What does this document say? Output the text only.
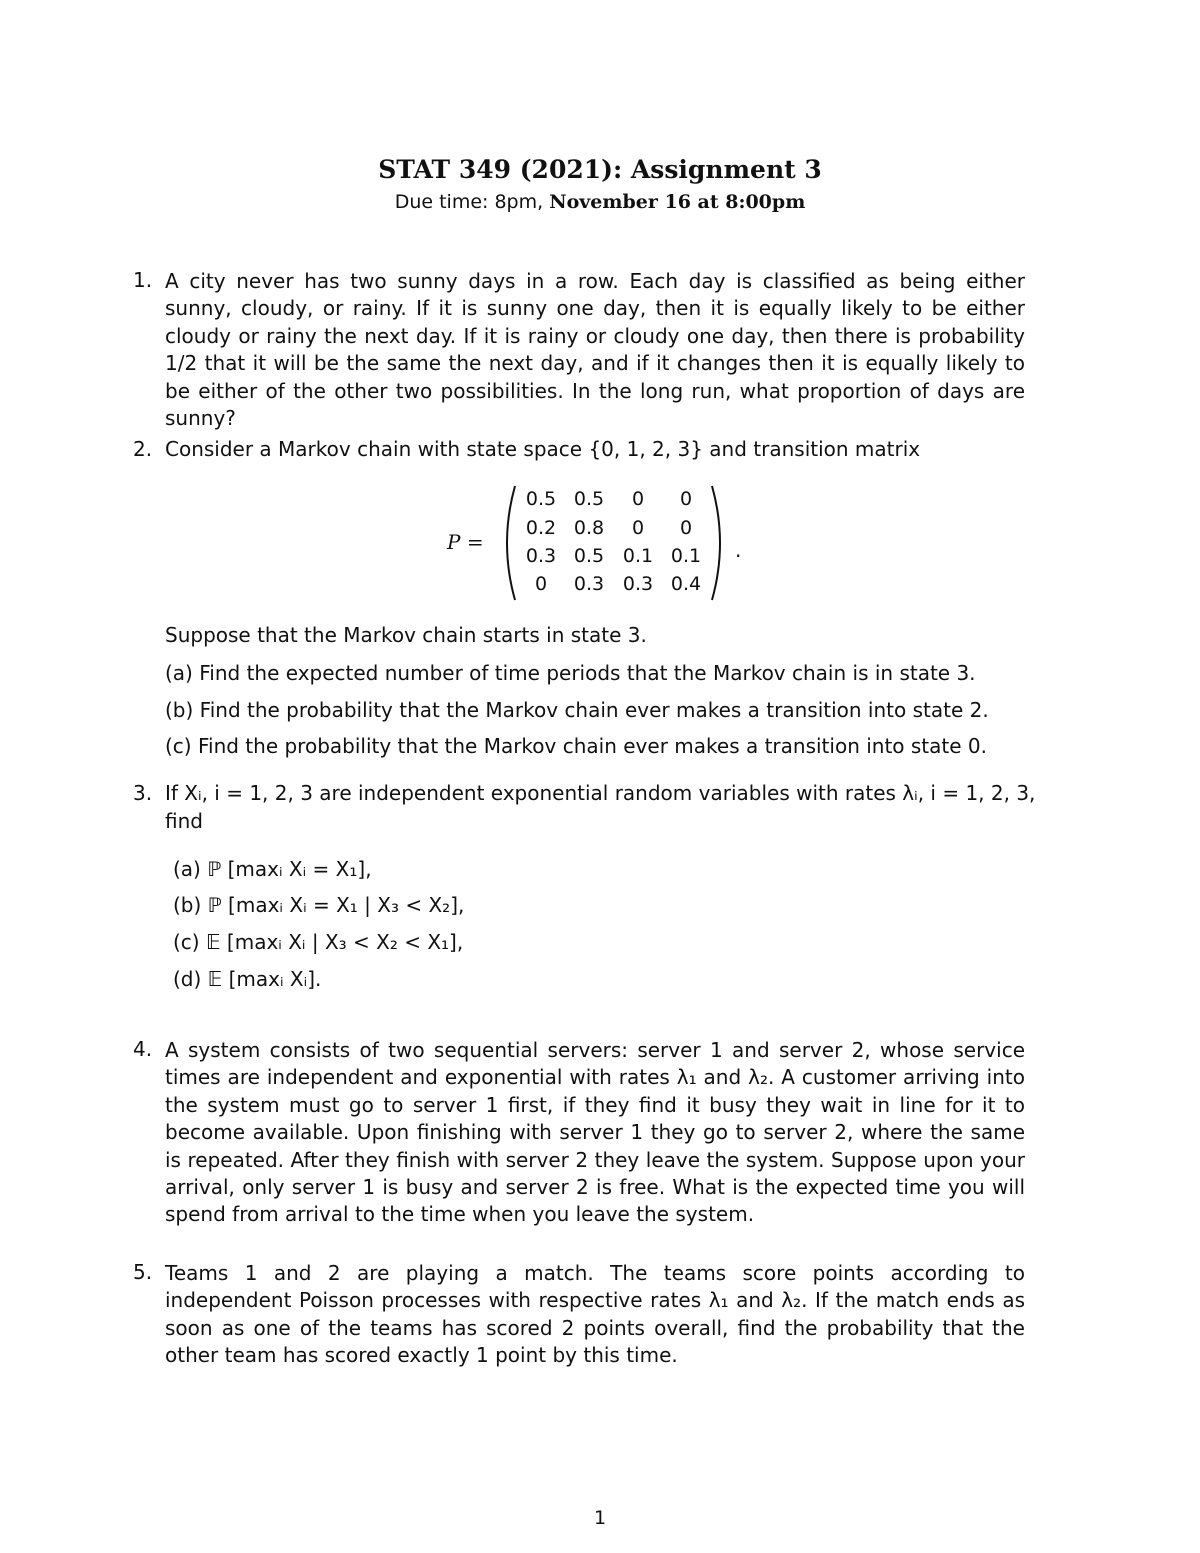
STAT 349 (2021): Assignment 3
Due time: 8pm, November 16 at 8:00pm
1. A city never has two sunny days in a row. Each day is classified as being either sunny, cloudy, or rainy. If it is sunny one day, then it is equally likely to be either cloudy or rainy the next day. If it is rainy or cloudy one day, then there is probability 1/2 that it will be the same the next day, and if it changes then it is equally likely to be either of the other two possibilities. In the long run, what proportion of days are sunny?
2. Consider a Markov chain with state space {0, 1, 2, 3} and transition matrix
P =
0.5 0.5	0	0
0.2 0.8	0	0
0.3 0.5 0.1 0.1
0	0.3 0.3 0.4
.
Suppose that the Markov chain starts in state 3.
(a) Find the expected number of time periods that the Markov chain is in state 3.
(b) Find the probability that the Markov chain ever makes a transition into state 2.
(c) Find the probability that the Markov chain ever makes a transition into state 0.
3. If Xᵢ, i = 1, 2, 3 are independent exponential random variables with rates λᵢ, i = 1, 2, 3,
find
(a) ℙ [maxᵢ Xᵢ = X₁],
(b) ℙ [maxᵢ Xᵢ = X₁ | X₃ < X₂],
(c) 𝔼 [maxᵢ Xᵢ | X₃ < X₂ < X₁],
(d) 𝔼 [maxᵢ Xᵢ].
4. A system consists of two sequential servers: server 1 and server 2, whose service times are independent and exponential with rates λ₁ and λ₂. A customer arriving into the system must go to server 1 first, if they find it busy they wait in line for it to become available. Upon finishing with server 1 they go to server 2, where the same is repeated. After they finish with server 2 they leave the system. Suppose upon your arrival, only server 1 is busy and server 2 is free. What is the expected time you will spend from arrival to the time when you leave the system.
5. Teams 1 and 2 are playing a match. The teams score points according to independent Poisson processes with respective rates λ₁ and λ₂. If the match ends as soon as one of the teams has scored 2 points overall, find the probability that the other team has scored exactly 1 point by this time.
1
